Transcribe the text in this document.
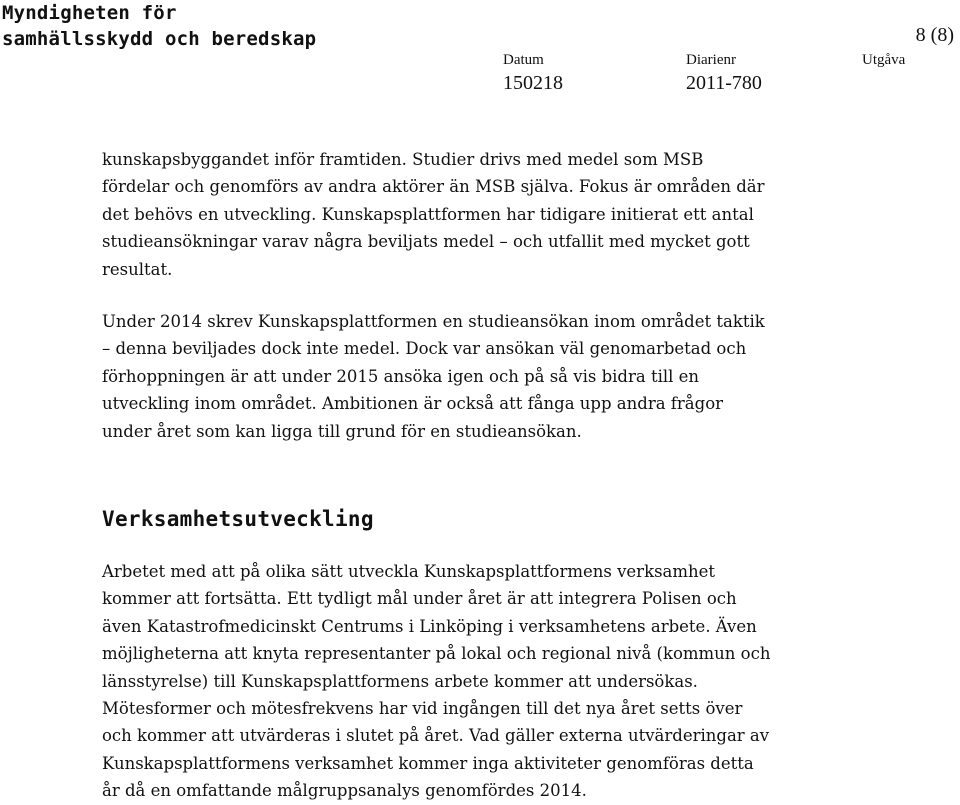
Myndigheten för
samhällsskydd och beredskap	8 (8)
Datum
150218
Diarienr
2011-780
Utgåva

kunskapsbyggandet inför framtiden. Studier drivs med medel som MSB

fördelar och genomförs av andra aktörer än MSB själva. Fokus är områden där

det behövs en utveckling. Kunskapsplattformen har tidigare initierat ett antal

studieansökningar varav några beviljats medel – och utfallit med mycket gott

resultat.

Under 2014 skrev Kunskapsplattformen en studieansökan inom området taktik

– denna beviljades dock inte medel. Dock var ansökan väl genomarbetad och

förhoppningen är att under 2015 ansöka igen och på så vis bidra till en

utveckling inom området. Ambitionen är också att fånga upp andra frågor

under året som kan ligga till grund för en studieansökan.

Verksamhetsutveckling

Arbetet med att på olika sätt utveckla Kunskapsplattformens verksamhet

kommer att fortsätta. Ett tydligt mål under året är att integrera Polisen och

även Katastrofmedicinskt Centrums i Linköping i verksamhetens arbete. Även

möjligheterna att knyta representanter på lokal och regional nivå (kommun och

länsstyrelse) till Kunskapsplattformens arbete kommer att undersökas.

Mötesformer och mötesfrekvens har vid ingången till det nya året setts över

och kommer att utvärderas i slutet på året. Vad gäller externa utvärderingar av

Kunskapsplattformens verksamhet kommer inga aktiviteter genomföras detta

år då en omfattande målgruppsanalys genomfördes 2014.
